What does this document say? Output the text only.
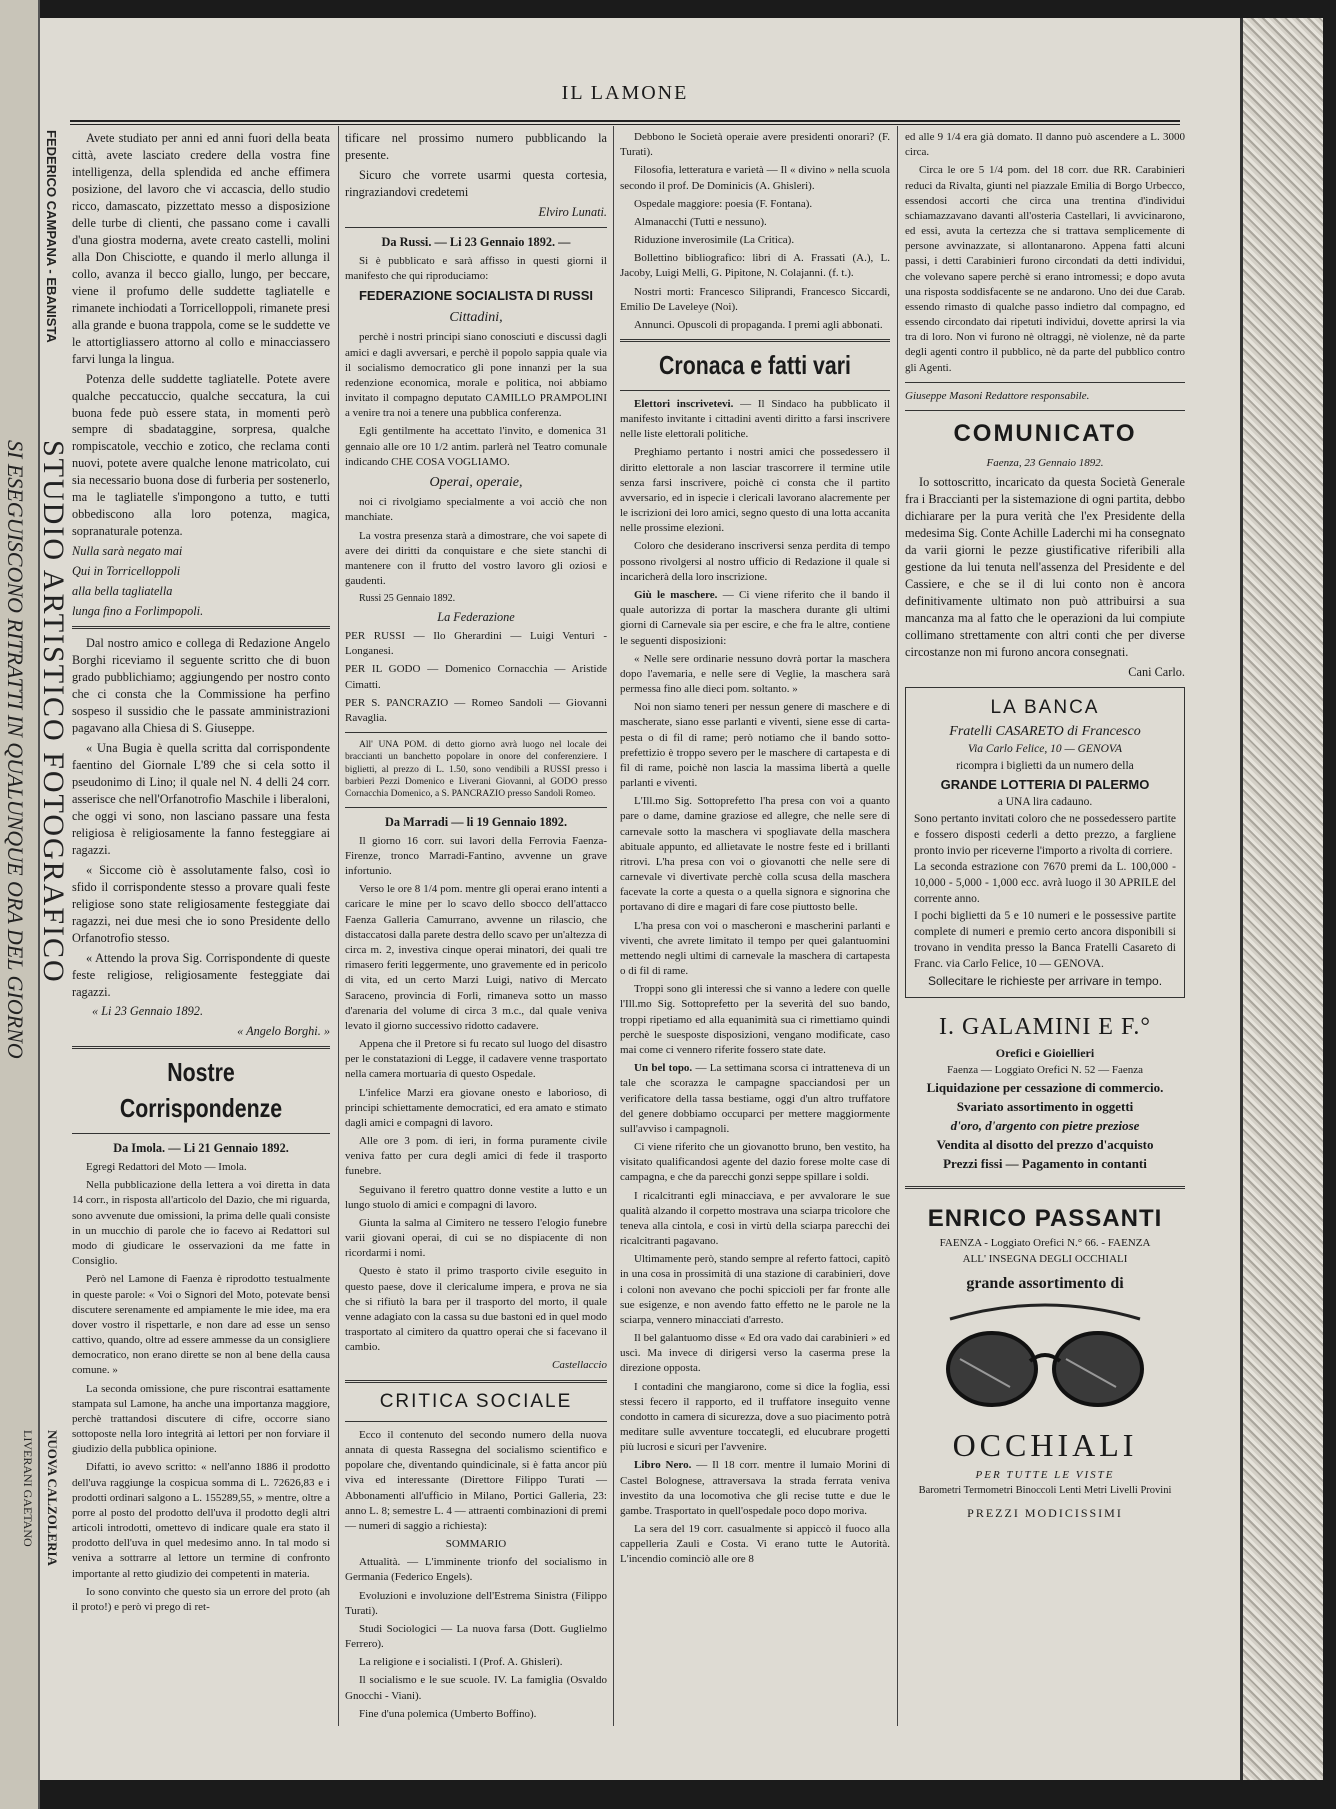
FEDERICO CAMPANA - EBANISTA
STUDIO ARTISTICO FOTOGRAFICO
SI ESEGUISCONO RITRATTI IN QUALUNQUE ORA DEL GIORNO
NUOVA CALZOLERIA
LIVERANI GAETANO
IL LAMONE

Avete studiato per anni ed anni fuori della beata città, avete lasciato credere della vostra fine intelligenza, della splendida ed anche effimera posizione, del lavoro che vi accascia, dello studio ricco, damascato, pizzettato messo a disposizione delle turbe di clienti, che passano come i cavalli d'una giostra moderna, avete creato castelli, molini alla Don Chisciotte, e quando il merlo allunga il collo, avanza il becco giallo, lungo, per beccare, viene il profumo delle suddette tagliatelle e rimanete inchiodati a Torricelloppoli, rimanete presi alla grande e buona trappola, come se le suddette ve le attortigliassero attorno al collo e minacciassero farvi lunga la lingua.

Potenza delle suddette tagliatelle. Potete avere qualche peccatuccio, qualche seccatura, la cui buona fede può essere stata, in momenti però sempre di sbadataggine, sorpresa, qualche rompiscatole, vecchio e zotico, che reclama conti nuovi, potete avere qualche lenone matricolato, cui sia necessario buona dose di furberia per sostenerlo, ma le tagliatelle s'impongono a tutto, e tutti obbediscono alla loro potenza, magica, sopranaturale potenza.

Nulla sarà negato mai

Qui in Torricelloppoli

alla bella tagliatella

lunga fino a Forlimpopoli.

Dal nostro amico e collega di Redazione Angelo Borghi riceviamo il seguente scritto che di buon grado pubblichiamo; aggiungendo per nostro conto che ci consta che la Commissione ha perfino sospeso il sussidio che le passate amministrazioni pagavano alla Chiesa di S. Giuseppe.

« Una Bugia è quella scritta dal corrispondente faentino del Giornale L'89 che si cela sotto il pseudonimo di Lino; il quale nel N. 4 delli 24 corr. asserisce che nell'Orfanotrofio Maschile i liberaloni, che oggi vi sono, non lasciano passare una festa religiosa è religiosamente la fanno festeggiare ai ragazzi.

« Siccome ciò è assolutamente falso, così io sfido il corrispondente stesso a provare quali feste religiose sono state religiosamente festeggiate dai ragazzi, nei due mesi che io sono Presidente dello Orfanotrofio stesso.

« Attendo la prova Sig. Corrispondente di queste feste religiose, religiosamente festeggiate dai ragazzi.

« Li 23 Gennaio 1892.

« Angelo Borghi. »

Nostre Corrispondenze

Da Imola. — Li 21 Gennaio 1892.

Egregi Redattori del Moto — Imola.

Nella pubblicazione della lettera a voi diretta in data 14 corr., in risposta all'articolo del Dazio, che mi riguarda, sono avvenute due omissioni, la prima delle quali consiste in un mucchio di parole che io facevo ai Redattori sul modo di giudicare le osservazioni da me fatte in Consiglio.

Però nel Lamone di Faenza è riprodotto testualmente in queste parole: « Voi o Signori del Moto, potevate bensì discutere serenamente ed ampiamente le mie idee, ma era dover vostro il rispettarle, e non dare ad esse un senso cattivo, quando, oltre ad essere ammesse da un consigliere democratico, non erano dirette se non al bene della causa comune. »

La seconda omissione, che pure riscontrai esattamente stampata sul Lamone, ha anche una importanza maggiore, perchè trattandosi discutere di cifre, occorre siano sottoposte nella loro integrità ai lettori per non forviare il giudizio della pubblica opinione.

Difatti, io avevo scritto: « nell'anno 1886 il prodotto dell'uva raggiunge la cospicua somma di L. 72626,83 e i prodotti ordinari salgono a L. 155289,55, » mentre, oltre a porre al posto del prodotto dell'uva il prodotto degli altri articoli introdotti, omettevo di indicare quale era stato il prodotto dell'uva in quel medesimo anno. In tal modo si veniva a sottrarre al lettore un termine di confronto importante al retto giudizio dei competenti in materia.

Io sono convinto che questo sia un errore del proto (ah il proto!) e però vi prego di ret-

tificare nel prossimo numero pubblicando la presente.

Sicuro che vorrete usarmi questa cortesia, ringraziandovi credetemi

Elviro Lunati.

Da Russi. — Li 23 Gennaio 1892. —

Si è pubblicato e sarà affisso in questi giorni il manifesto che qui riproduciamo:

FEDERAZIONE SOCIALISTA DI RUSSI

Cittadini,

perchè i nostri principi siano conosciuti e discussi dagli amici e dagli avversari, e perchè il popolo sappia quale via il socialismo democratico gli pone innanzi per la sua redenzione economica, morale e politica, noi abbiamo invitato il compagno deputato CAMILLO PRAMPOLINI a venire tra noi a tenere una pubblica conferenza.

Egli gentilmente ha accettato l'invito, e domenica 31 gennaio alle ore 10 1/2 antim. parlerà nel Teatro comunale indicando CHE COSA VOGLIAMO.

Operai, operaie,

noi ci rivolgiamo specialmente a voi acciò che non manchiate.

La vostra presenza starà a dimostrare, che voi sapete di avere dei diritti da conquistare e che siete stanchi di mantenere con il frutto del vostro lavoro gli oziosi e gaudenti.

Russi 25 Gennaio 1892.

La Federazione

PER RUSSI — Ilo Gherardini — Luigi Venturi - Longanesi.

PER IL GODO — Domenico Cornacchia — Aristide Cimatti.

PER S. PANCRAZIO — Romeo Sandoli — Giovanni Ravaglia.

All' UNA POM. di detto giorno avrà luogo nel locale dei braccianti un banchetto popolare in onore del conferenziere. I biglietti, al prezzo di L. 1.50, sono vendibili a RUSSI presso i barbieri Pezzi Domenico e Liverani Giovanni, al GODO presso Cornacchia Domenico, a S. PANCRAZIO presso Sandoli Romeo.

Da Marradi — li 19 Gennaio 1892.

Il giorno 16 corr. sui lavori della Ferrovia Faenza-Firenze, tronco Marradi-Fantino, avvenne un grave infortunio.

Verso le ore 8 1/4 pom. mentre gli operai erano intenti a caricare le mine per lo scavo dello sbocco dell'attacco Faenza Galleria Camurrano, avvenne un rilascio, che distaccatosi dalla parete destra dello scavo per un'altezza di circa m. 2, investiva cinque operai minatori, dei quali tre rimasero feriti leggermente, uno gravemente ed in pericolo di vita, ed un certo Marzi Luigi, nativo di Mercato Saraceno, provincia di Forlì, rimaneva sotto un masso d'arenaria del volume di circa 3 m.c., dal quale veniva levato il giorno successivo ridotto cadavere.

Appena che il Pretore si fu recato sul luogo del disastro per le constatazioni di Legge, il cadavere venne trasportato nella camera mortuaria di questo Ospedale.

L'infelice Marzi era giovane onesto e laborioso, di principi schiettamente democratici, ed era amato e stimato dagli amici e compagni di lavoro.

Alle ore 3 pom. di ieri, in forma puramente civile veniva fatto per cura degli amici di fede il trasporto funebre.

Seguivano il feretro quattro donne vestite a lutto e un lungo stuolo di amici e compagni di lavoro.

Giunta la salma al Cimitero ne tessero l'elogio funebre varii giovani operai, di cui se no dispiacente di non ricordarmi i nomi.

Questo è stato il primo trasporto civile eseguito in questo paese, dove il clericalume impera, e prova ne sia che si rifiutò la bara per il trasporto del morto, il quale venne adagiato con la cassa su due bastoni ed in quel modo trasportato al cimitero da quattro operai che si facevano il cambio.

Castellaccio

CRITICA SOCIALE

Ecco il contenuto del secondo numero della nuova annata di questa Rassegna del socialismo scientifico e popolare che, diventando quindicinale, si è fatta ancor più viva ed interessante (Direttore Filippo Turati — Abbonamenti all'ufficio in Milano, Portici Galleria, 23: anno L. 8; semestre L. 4 — attraenti combinazioni di premi — numeri di saggio a richiesta):

SOMMARIO

Attualità. — L'imminente trionfo del socialismo in Germania (Federico Engels).

Evoluzioni e involuzione dell'Estrema Sinistra (Filippo Turati).

Studi Sociologici — La nuova farsa (Dott. Guglielmo Ferrero).

La religione e i socialisti. I (Prof. A. Ghisleri).

Il socialismo e le sue scuole. IV. La famiglia (Osvaldo Gnocchi - Viani).

Fine d'una polemica (Umberto Boffino).

Debbono le Società operaie avere presidenti onorari? (F. Turati).

Filosofia, letteratura e varietà — Il « divino » nella scuola secondo il prof. De Dominicis (A. Ghisleri).

Ospedale maggiore: poesia (F. Fontana).

Almanacchi (Tutti e nessuno).

Riduzione inverosimile (La Critica).

Bollettino bibliografico: libri di A. Frassati (A.), L. Jacoby, Luigi Melli, G. Pipitone, N. Colajanni. (f. t.).

Nostri morti: Francesco Siliprandi, Francesco Siccardi, Emilio De Laveleye (Noi).

Annunci. Opuscoli di propaganda. I premi agli abbonati.

Cronaca e fatti vari

Elettori inscrivetevi. — Il Sindaco ha pubblicato il manifesto invitante i cittadini aventi diritto a farsi inscrivere nelle liste elettorali politiche.

Preghiamo pertanto i nostri amici che possedessero il diritto elettorale a non lasciar trascorrere il termine utile senza farsi inscrivere, poichè ci consta che il partito avversario, ed in ispecie i clericali lavorano alacremente per le iscrizioni dei loro amici, segno questo di una lotta accanita nelle prossime elezioni.

Coloro che desiderano inscriversi senza perdita di tempo possono rivolgersi al nostro ufficio di Redazione il quale si incaricherà della loro inscrizione.

Giù le maschere. — Ci viene riferito che il bando il quale autorizza di portar la maschera durante gli ultimi giorni di Carnevale sia per escire, e che fra le altre, contiene le seguenti disposizioni:

« Nelle sere ordinarie nessuno dovrà portar la maschera dopo l'avemaria, e nelle sere di Veglie, la maschera sarà permessa fino alle dieci pom. soltanto. »

Noi non siamo teneri per nessun genere di maschere e di mascherate, siano esse parlanti e viventi, siene esse di carta-pesta o di fil di rame; però notiamo che il bando sotto-prefettizio è troppo severo per le maschere di cartapesta e di fil di rame, poichè non lascia la massima libertà a quelle parlanti e viventi.

L'Ill.mo Sig. Sottoprefetto l'ha presa con voi a quanto pare o dame, damine graziose ed allegre, che nelle sere di carnevale sotto la maschera vi spogliavate della maschera abituale appunto, ed allietavate le nostre feste ed i brillanti ritrovi. L'ha presa con voi o giovanotti che nelle sere di carnevale vi divertivate perchè colla scusa della maschera facevate la corte a questa o a quella signora e signorina che portavano di dire e magari di fare cose piuttosto belle.

L'ha presa con voi o mascheroni e mascherini parlanti e viventi, che avrete limitato il tempo per quei galantuomini mettendo negli ultimi di carnevale la maschera di cartapesta o di fil di rame.

Troppi sono gli interessi che si vanno a ledere con quelle l'Ill.mo Sig. Sottoprefetto per la severità del suo bando, troppi ripetiamo ed alla equanimità sua ci rimettiamo quindi perchè le suesposte disposizioni, vengano modificate, caso mai come ci vennero riferite fossero state date.

Un bel topo. — La settimana scorsa ci intratteneva di un tale che scorazza le campagne spacciandosi per un verificatore della tassa bestiame, oggi d'un altro truffatore del genere dobbiamo occuparci per mettere maggiormente sull'avviso i campagnoli.

Ci viene riferito che un giovanotto bruno, ben vestito, ha visitato qualificandosi agente del dazio forese molte case di campagna, e che da parecchi gonzi seppe spillare i soldi.

I ricalcitranti egli minacciava, e per avvalorare le sue qualità alzando il corpetto mostrava una sciarpa tricolore che teneva alla cintola, e così in virtù della sciarpa parecchi dei ricalcitranti pagavano.

Ultimamente però, stando sempre al referto fattoci, capitò in una cosa in prossimità di una stazione di carabinieri, dove i coloni non avevano che pochi spiccioli per far fronte alle sue esigenze, e non avendo fatto effetto ne le parole ne la sciarpa, vennero minacciati d'arresto.

Il bel galantuomo disse « Ed ora vado dai carabinieri » ed uscì. Ma invece di dirigersi verso la caserma prese la direzione opposta.

I contadini che mangiarono, come si dice la foglia, essi stessi fecero il rapporto, ed il truffatore inseguito venne condotto in camera di sicurezza, dove a suo piacimento potrà meditare sulle avventure toccategli, ed elucubrare progetti più lucrosi e sicuri per l'avvenire.

Libro Nero. — Il 18 corr. mentre il lumaio Morini di Castel Bolognese, attraversava la strada ferrata veniva investito da una locomotiva che gli recise tutte e due le gambe. Trasportato in quell'ospedale poco dopo moriva.

La sera del 19 corr. casualmente si appiccò il fuoco alla cappelleria Zauli e Costa. Vi erano tutte le Autorità. L'incendio cominciò alle ore 8

ed alle 9 1/4 era già domato. Il danno può ascendere a L. 3000 circa.

Circa le ore 5 1/4 pom. del 18 corr. due RR. Carabinieri reduci da Rivalta, giunti nel piazzale Emilia di Borgo Urbecco, essendosi accorti che circa una trentina d'individui schiamazzavano davanti all'osteria Castellari, li avvicinarono, ed essi, avuta la certezza che si trattava semplicemente di persone avvinazzate, si allontanarono. Appena fatti alcuni passi, i detti Carabinieri furono circondati da detti individui, che volevano sapere perchè si erano intromessi; e dopo avuta una risposta soddisfacente se ne andarono. Uno dei due Carab. essendo rimasto di qualche passo indietro dal compagno, ed essendo circondato dai ripetuti individui, dovette aprirsi la via tra di loro. Non vi furono nè oltraggi, nè violenze, nè da parte degli agenti contro il pubblico, nè da parte del pubblico contro gli Agenti.

Giuseppe Masoni Redattore responsabile.

COMUNICATO

Faenza, 23 Gennaio 1892.

Io sottoscritto, incaricato da questa Società Generale fra i Braccianti per la sistemazione di ogni partita, debbo dichiarare per la pura verità che l'ex Presidente della medesima Sig. Conte Achille Laderchi mi ha consegnato da varii giorni le pezze giustificative riferibili alla gestione da lui tenuta nell'assenza del Presidente e del Cassiere, e che se il di lui conto non è ancora definitivamente ultimato non può attribuirsi a sua mancanza ma al fatto che le operazioni da lui compiute collimano strettamente con altri conti che per diverse circostanze non mi furono ancora consegnati.

Cani Carlo.

LA BANCA

Fratelli CASARETO di Francesco

Via Carlo Felice, 10 — GENOVA

ricompra i biglietti da un numero della

GRANDE LOTTERIA DI PALERMO

a UNA lira cadauno.

Sono pertanto invitati coloro che ne possedessero partite e fossero disposti cederli a detto prezzo, a fargliene pronto invio per riceverne l'importo a rivolta di corriere.

La seconda estrazione con 7670 premi da L. 100,000 - 10,000 - 5,000 - 1,000 ecc. avrà luogo il 30 APRILE del corrente anno.

I pochi biglietti da 5 e 10 numeri e le possessive partite complete di numeri e premio certo ancora disponibili si trovano in vendita presso la Banca Fratelli Casareto di Franc. via Carlo Felice, 10 — GENOVA.

Sollecitare le richieste per arrivare in tempo.

I. GALAMINI E F.°

Orefici e Gioiellieri

Faenza — Loggiato Orefici N. 52 — Faenza

Liquidazione per cessazione di commercio.

Svariato assortimento in oggetti

d'oro, d'argento con pietre preziose

Vendita al disotto del prezzo d'acquisto

Prezzi fissi — Pagamento in contanti

ENRICO PASSANTI

FAENZA - Loggiato Orefici N.° 66. - FAENZA

ALL' INSEGNA DEGLI OCCHIALI

grande assortimento di

OCCHIALI

PER TUTTE LE VISTE

Barometri Termometri Binoccoli Lenti Metri Livelli Provini

PREZZI MODICISSIMI
